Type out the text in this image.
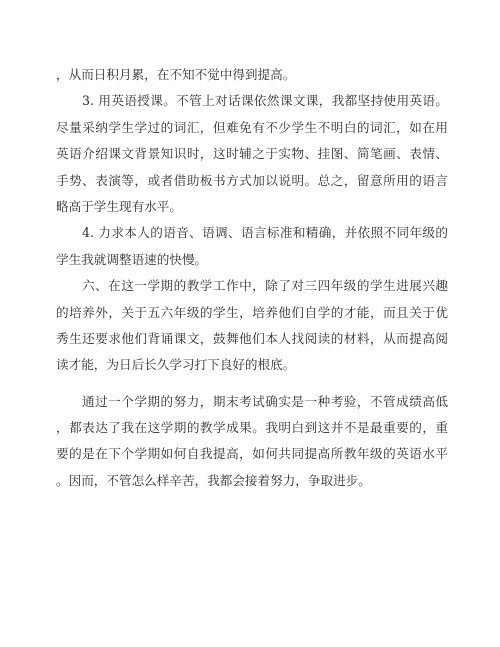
，从而日积月累，在不知不觉中得到提高。
3. 用英语授课。不管上对话课依然课文课，我都坚持使用英语。
尽量采纳学生学过的词汇，但难免有不少学生不明白的词汇，如在用
英语介绍课文背景知识时，这时辅之于实物、挂图、简笔画、表情、
手势、表演等，或者借助板书方式加以说明。总之，留意所用的语言
略高于学生现有水平。
4. 力求本人的语音、语调、语言标准和精确，并依照不同年级的
学生我就调整语速的快慢。
六、在这一学期的教学工作中，除了对三四年级的学生进展兴趣
的培养外，关于五六年级的学生，培养他们自学的才能，而且关于优
秀生还要求他们背诵课文，鼓舞他们本人找阅读的材料，从而提高阅
读才能，为日后长久学习打下良好的根底。
通过一个学期的努力，期末考试确实是一种考验，不管成绩高低
，都表达了我在这学期的教学成果。我明白到这并不是最重要的，重
要的是在下个学期如何自我提高，如何共同提高所教年级的英语水平
。因而，不管怎么样辛苦，我都会接着努力，争取进步。
